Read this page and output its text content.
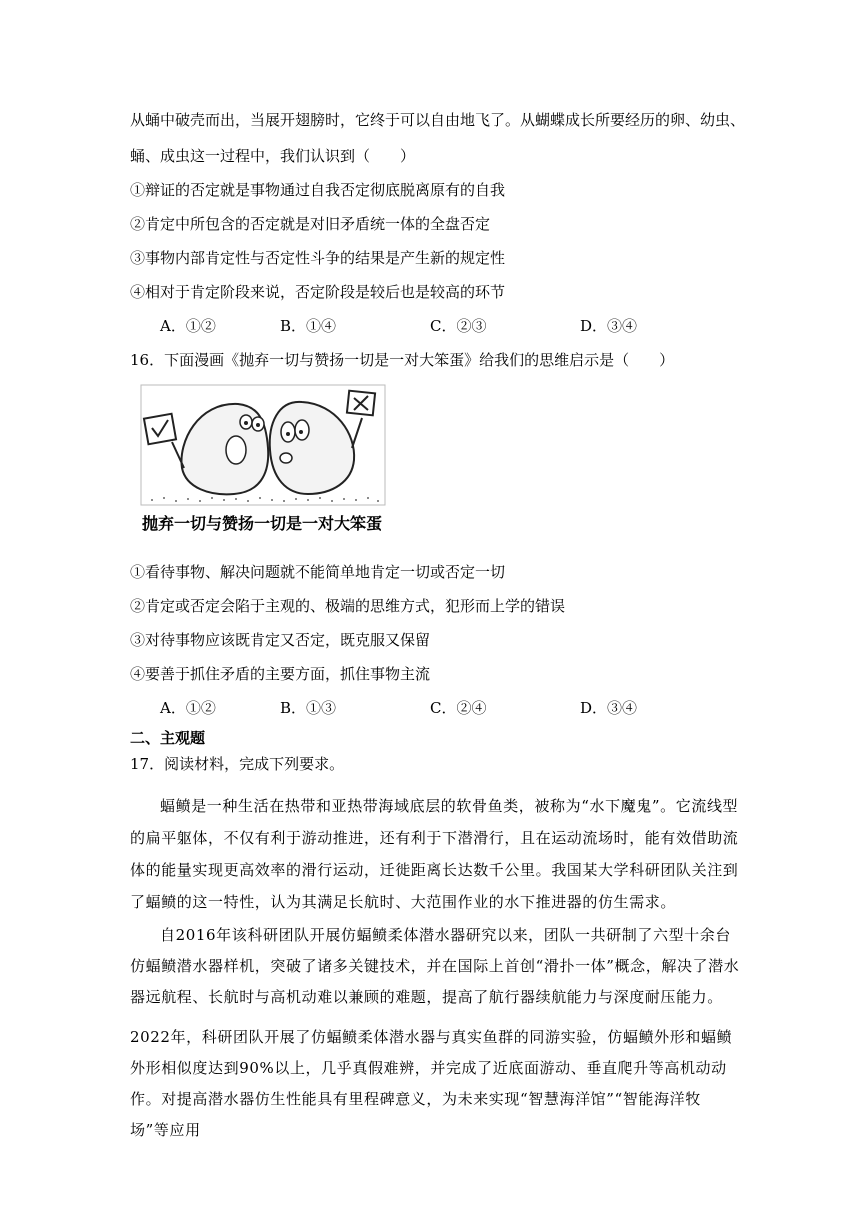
从蛹中破壳而出，当展开翅膀时，它终于可以自由地飞了。从蝴蝶成长所要经历的卵、幼虫、
蛹、成虫这一过程中，我们认识到（　　）
①辩证的否定就是事物通过自我否定彻底脱离原有的自我
②肯定中所包含的否定就是对旧矛盾统一体的全盘否定
③事物内部肯定性与否定性斗争的结果是产生新的规定性
④相对于肯定阶段来说，否定阶段是较后也是较高的环节
A．①②	B．①④	C．②③	D．③④
16．下面漫画《抛弃一切与赞扬一切是一对大笨蛋》给我们的思维启示是（　　）
抛弃一切与赞扬一切是一对大笨蛋
①看待事物、解决问题就不能简单地肯定一切或否定一切
②肯定或否定会陷于主观的、极端的思维方式，犯形而上学的错误
③对待事物应该既肯定又否定，既克服又保留
④要善于抓住矛盾的主要方面，抓住事物主流
A．①②	B．①③	C．②④	D．③④
二、主观题
17．阅读材料，完成下列要求。
蝠鲼是一种生活在热带和亚热带海域底层的软骨鱼类，被称为“水下魔鬼”。它流线型的扁平躯体，不仅有利于游动推进，还有利于下潜滑行，且在运动流场时，能有效借助流体的能量实现更高效率的滑行运动，迁徙距离长达数千公里。我国某大学科研团队关注到了蝠鲼的这一特性，认为其满足长航时、大范围作业的水下推进器的仿生需求。
自2016年该科研团队开展仿蝠鲼柔体潜水器研究以来，团队一共研制了六型十余台仿蝠鲼潜水器样机，突破了诸多关键技术，并在国际上首创“滑扑一体”概念，解决了潜水器远航程、长航时与高机动难以兼顾的难题，提高了航行器续航能力与深度耐压能力。
2022年，科研团队开展了仿蝠鲼柔体潜水器与真实鱼群的同游实验，仿蝠鲼外形和蝠鲼外形相似度达到90%以上，几乎真假难辨，并完成了近底面游动、垂直爬升等高机动动作。对提高潜水器仿生性能具有里程碑意义，为未来实现“智慧海洋馆”“智能海洋牧场”等应用
